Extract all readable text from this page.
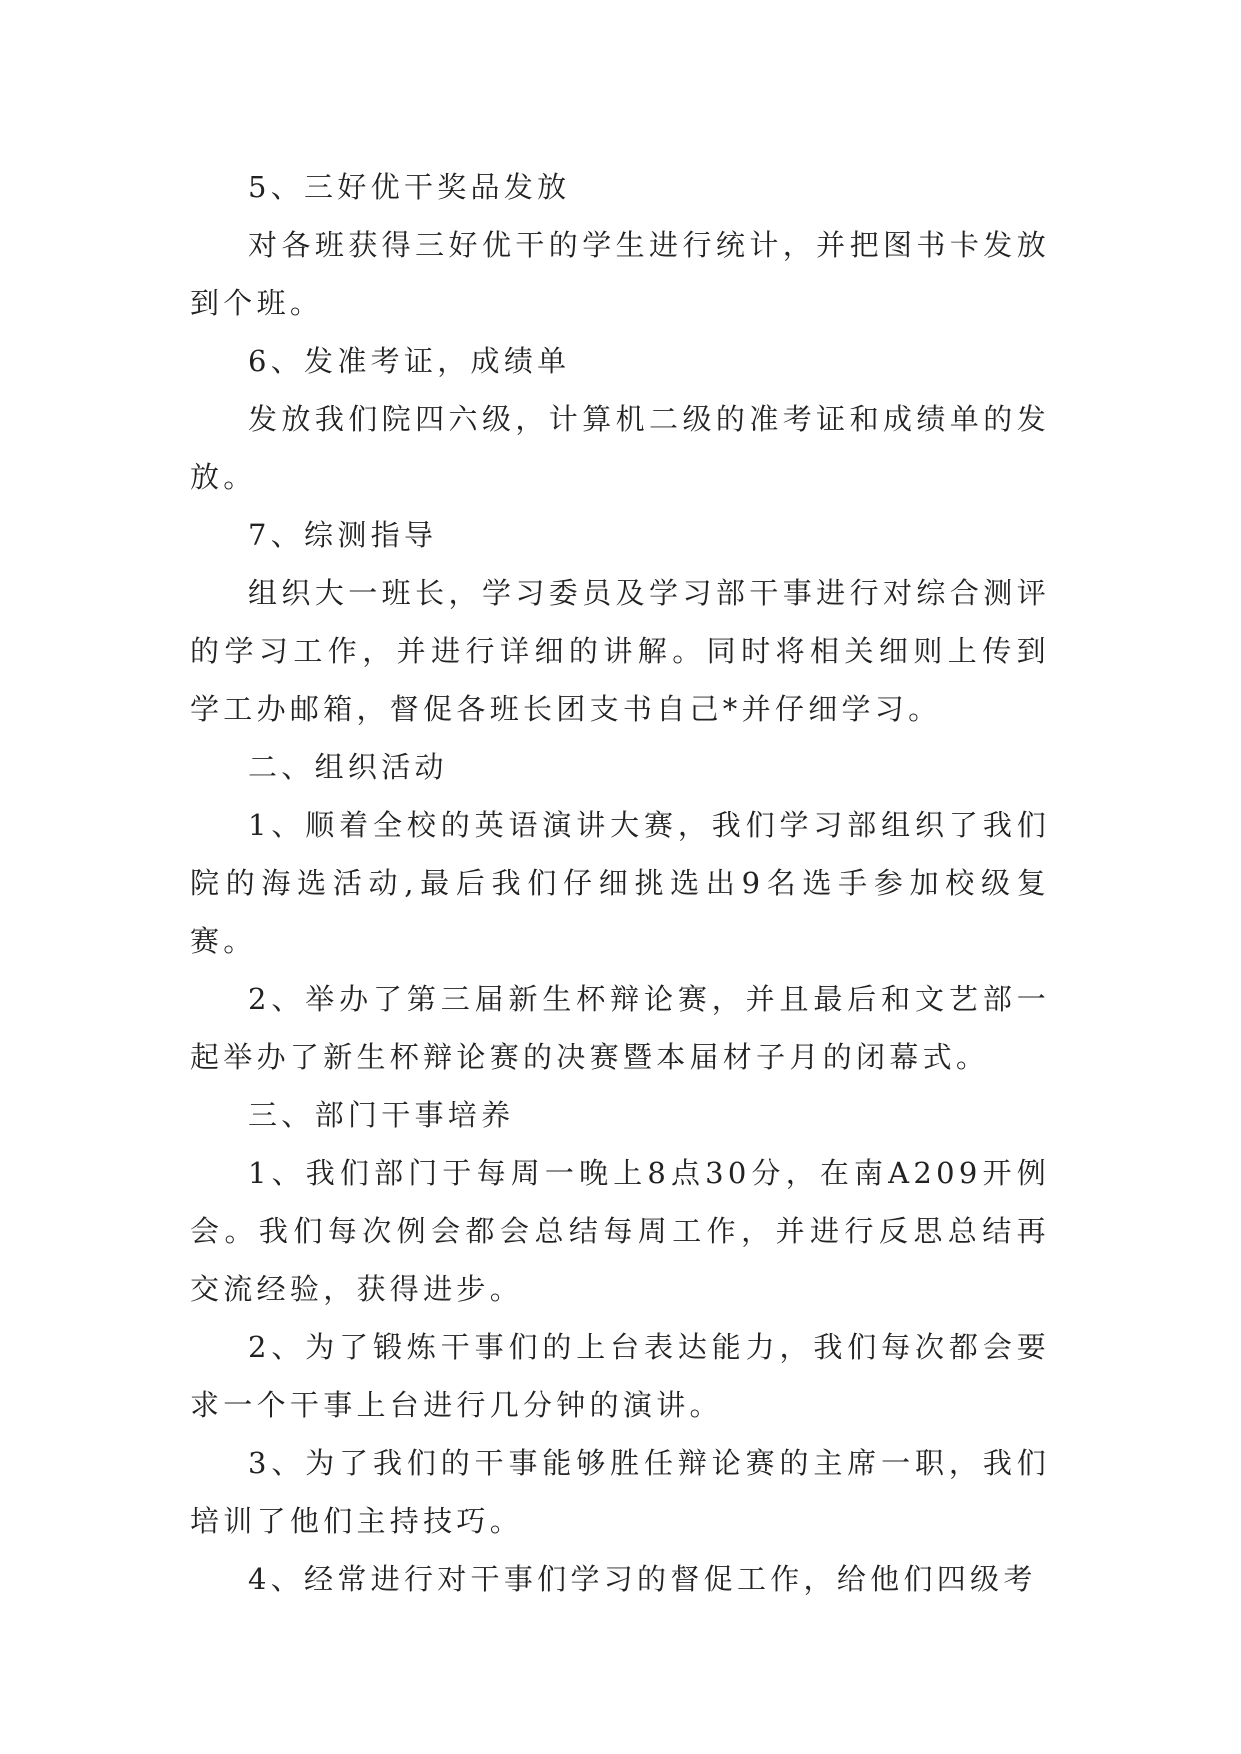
5、三好优干奖品发放

对各班获得三好优干的学生进行统计，并把图书卡发放到个班。

6、发准考证，成绩单

发放我们院四六级，计算机二级的准考证和成绩单的发放。

7、综测指导

组织大一班长，学习委员及学习部干事进行对综合测评的学习工作，并进行详细的讲解。同时将相关细则上传到学工办邮箱，督促各班长团支书自己*并仔细学习。

二、组织活动

1、顺着全校的英语演讲大赛，我们学习部组织了我们院的海选活动,最后我们仔细挑选出9名选手参加校级复赛。

2、举办了第三届新生杯辩论赛，并且最后和文艺部一起举办了新生杯辩论赛的决赛暨本届材子月的闭幕式。

三、部门干事培养

1、我们部门于每周一晚上8点30分，在南A209开例会。我们每次例会都会总结每周工作，并进行反思总结再交流经验，获得进步。

2、为了锻炼干事们的上台表达能力，我们每次都会要求一个干事上台进行几分钟的演讲。

3、为了我们的干事能够胜任辩论赛的主席一职，我们培训了他们主持技巧。

4、经常进行对干事们学习的督促工作，给他们四级考
